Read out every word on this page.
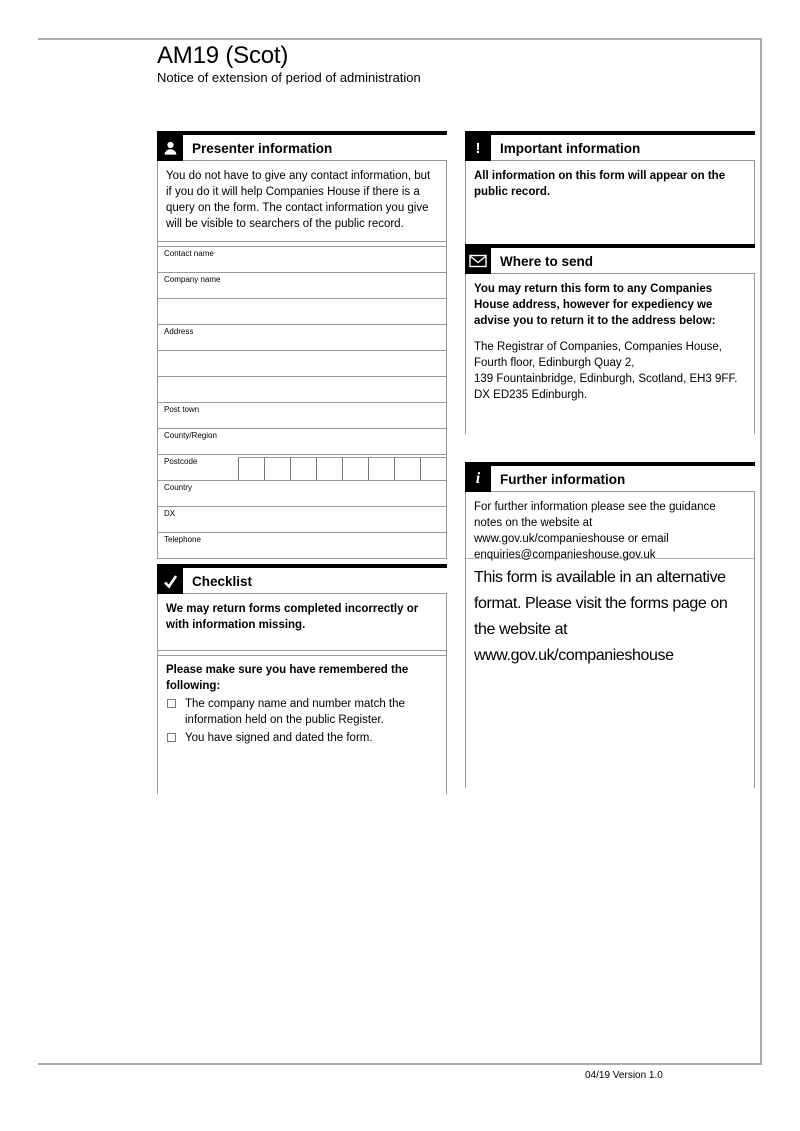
AM19 (Scot)
Notice of extension of period of administration
Presenter information
You do not have to give any contact information, but if you do it will help Companies House if there is a query on the form. The contact information you give will be visible to searchers of the public record.
Contact name
Company name
Address
Post town
County/Region
Postcode
Country
DX
Telephone
Checklist
We may return forms completed incorrectly or with information missing.
Please make sure you have remembered the following:
The company name and number match the information held on the public Register.
You have signed and dated the form.
! Important information
All information on this form will appear on the public record.
Where to send
You may return this form to any Companies House address, however for expediency we advise you to return it to the address below:
The Registrar of Companies, Companies House,
Fourth floor, Edinburgh Quay 2,
139 Fountainbridge, Edinburgh, Scotland, EH3 9FF.
DX ED235 Edinburgh.
i Further information
For further information please see the guidance notes on the website at www.gov.uk/companieshouse or email enquiries@companieshouse.gov.uk
This form is available in an alternative format. Please visit the forms page on the website at www.gov.uk/companieshouse
04/19 Version 1.0
